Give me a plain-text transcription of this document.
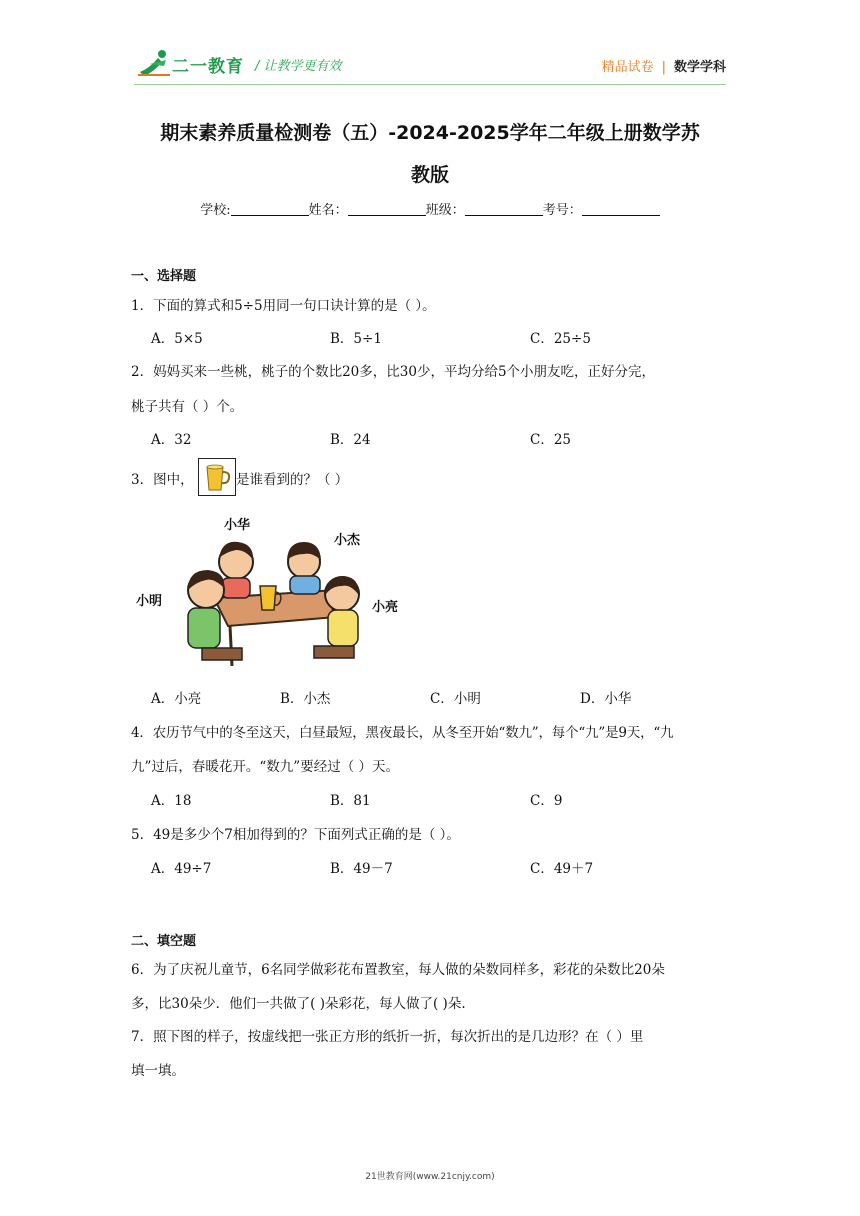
二一教育 / 让教学更有效	精品试卷 | 数学学科
期末素养质量检测卷（五）-2024-2025学年二年级上册数学苏
教版
学校:	姓名：	班级：	考号：
一、选择题
1．下面的算式和5÷5用同一句口诀计算的是（ ）。
A．5×5	B．5÷1	C．25÷5
2．妈妈买来一些桃，桃子的个数比20多，比30少，平均分给5个小朋友吃，正好分完，
桃子共有（ ）个。
A．32	B．24	C．25
3．图中，	是谁看到的？（ ）
小华
小杰
小明	小亮
A．小亮	B．小杰	C．小明	D．小华
4．农历节气中的冬至这天，白昼最短，黑夜最长，从冬至开始“数九”，每个“九”是9天，“九
九”过后，春暖花开。“数九”要经过（ ）天。
A．18	B．81	C．9
5．49是多少个7相加得到的？下面列式正确的是（ ）。
A．49÷7	B．49－7	C．49＋7
二、填空题
6．为了庆祝儿童节，6名同学做彩花布置教室，每人做的朵数同样多，彩花的朵数比20朵
多，比30朵少．他们一共做了( )朵彩花，每人做了( )朵.
7．照下图的样子，按虚线把一张正方形的纸折一折，每次折出的是几边形？在（ ）里
填一填。
21世教育网(www.21cnjy.com)
